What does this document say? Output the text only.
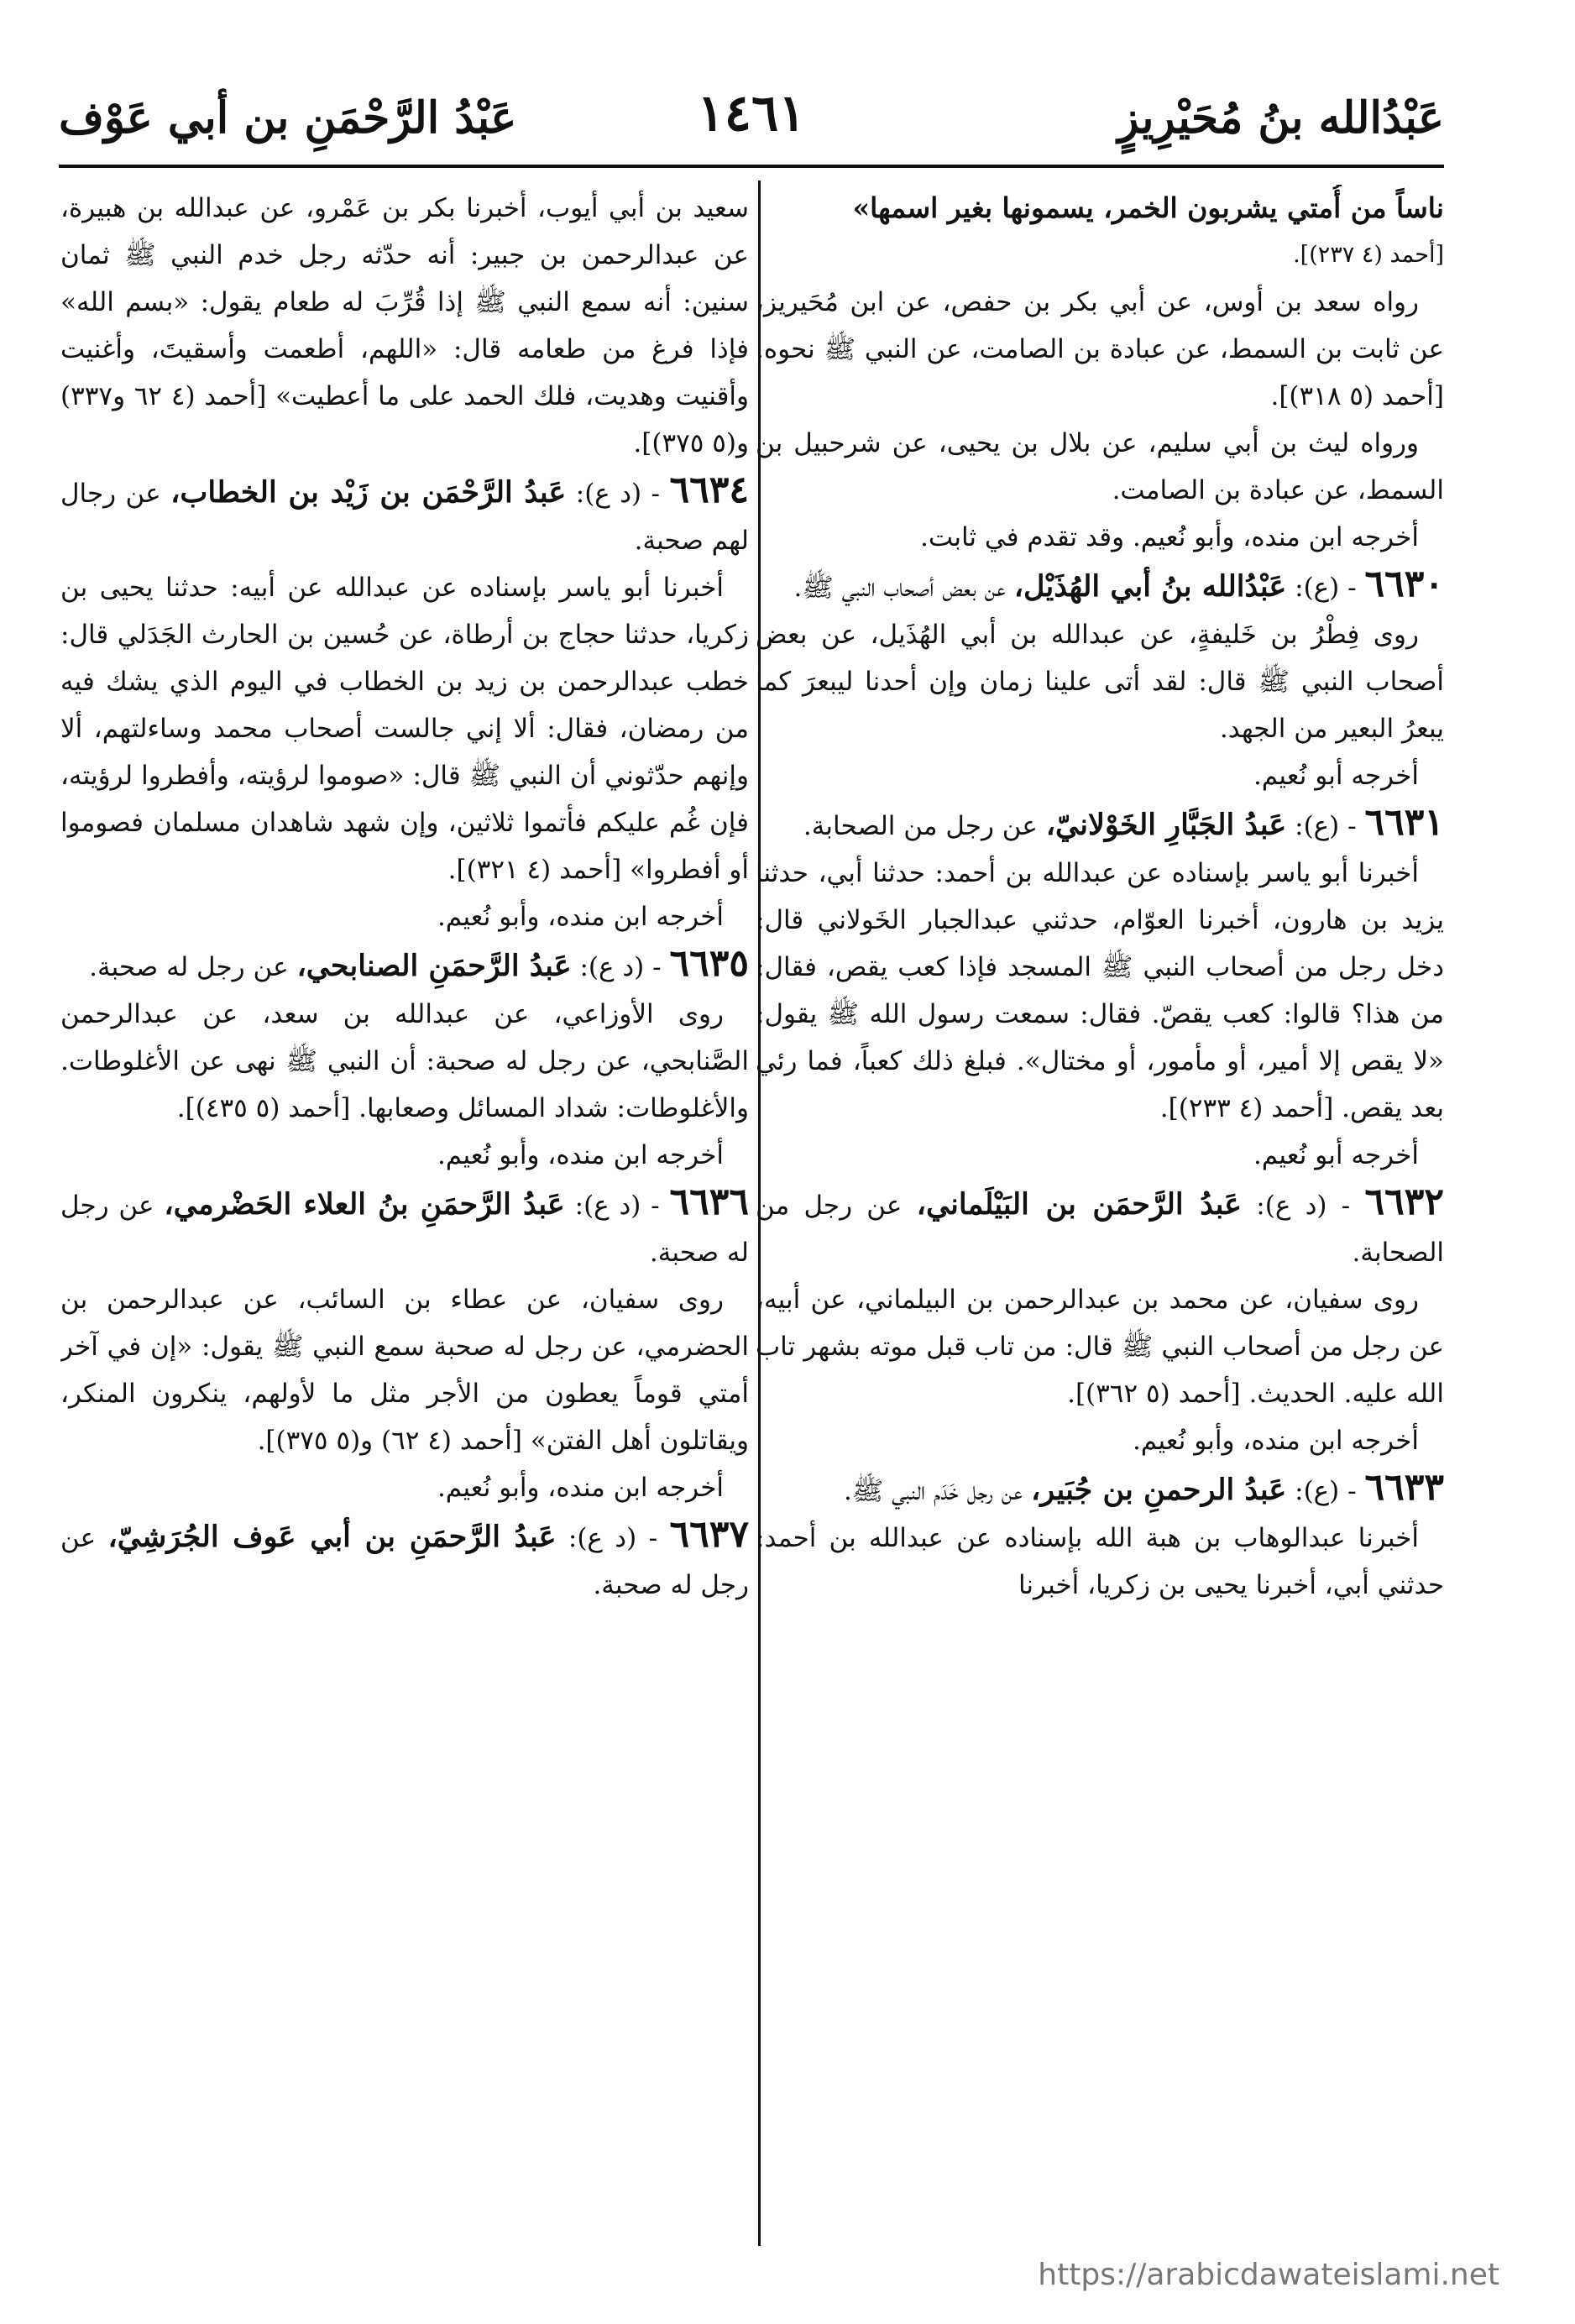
عَبْدُالله بنُ مُحَيْرِيزٍ
١٤٦١
عَبْدُ الرَّحْمَنِ بن أبي عَوْف

ناساً من أُمتي يشربون الخمر، يسمونها بغير اسمها»

[أحمد (٤ ٢٣٧)].

رواه سعد بن أوس، عن أبي بكر بن حفص، عن ابن مُحَيريز، عن ثابت بن السمط، عن عبادة بن الصامت، عن النبي ﷺ نحوه. [أحمد (٥ ٣١٨)].

ورواه ليث بن أبي سليم، عن بلال بن يحيى، عن شرحبيل بن السمط، عن عبادة بن الصامت.

أخرجه ابن منده، وأبو نُعيم. وقد تقدم في ثابت.

٦٦٣٠ - (ع): عَبْدُالله بنُ أبي الهُذَيْل، عن بعض أصحاب النبي ﷺ.

روى فِطْرُ بن خَليفةٍ، عن عبدالله بن أبي الهُذَيل، عن بعض أصحاب النبي ﷺ قال: لقد أتى علينا زمان وإن أحدنا ليبعرَ كما يبعرُ البعير من الجهد.

أخرجه أبو نُعيم.

٦٦٣١ - (ع): عَبدُ الجَبَّارِ الخَوْلانيّ، عن رجل من الصحابة.

أخبرنا أبو ياسر بإسناده عن عبدالله بن أحمد: حدثنا أبي، حدثنا يزيد بن هارون، أخبرنا العوّام، حدثني عبدالجبار الخَولاني قال: دخل رجل من أصحاب النبي ﷺ المسجد فإذا كعب يقص، فقال: من هذا؟ قالوا: كعب يقصّ. فقال: سمعت رسول الله ﷺ يقول: «لا يقص إلا أمير، أو مأمور، أو مختال». فبلغ ذلك كعباً، فما رئي بعد يقص. [أحمد (٤ ٢٣٣)].

أخرجه أبو نُعيم.

٦٦٣٢ - (د ع): عَبدُ الرَّحمَن بن البَيْلَماني، عن رجل من الصحابة.

روى سفيان، عن محمد بن عبدالرحمن بن البيلماني، عن أبيه، عن رجل من أصحاب النبي ﷺ قال: من تاب قبل موته بشهر تاب الله عليه. الحديث. [أحمد (٥ ٣٦٢)].

أخرجه ابن منده، وأبو نُعيم.

٦٦٣٣ - (ع): عَبدُ الرحمنِ بن جُبَير، عن رجل خَدَم النبي ﷺ.

أخبرنا عبدالوهاب بن هبة الله بإسناده عن عبدالله بن أحمد: حدثني أبي، أخبرنا يحيى بن زكريا، أخبرنا

سعيد بن أبي أيوب، أخبرنا بكر بن عَمْرو، عن عبدالله بن هبيرة، عن عبدالرحمن بن جبير: أنه حدّثه رجل خدم النبي ﷺ ثمان سنين: أنه سمع النبي ﷺ إذا قُرِّبَ له طعام يقول: «بسم الله» فإذا فرغ من طعامه قال: «اللهم، أطعمت وأسقيتَ، وأغنيت وأقنيت وهديت، فلك الحمد على ما أعطيت» [أحمد (٤ ٦٢ و٣٣٧) و(٥ ٣٧٥)].

٦٦٣٤ - (د ع): عَبدُ الرَّحْمَن بن زَيْد بن الخطاب، عن رجال لهم صحبة.

أخبرنا أبو ياسر بإسناده عن عبدالله عن أبيه: حدثنا يحيى بن زكريا، حدثنا حجاج بن أرطاة، عن حُسين بن الحارث الجَدَلي قال: خطب عبدالرحمن بن زيد بن الخطاب في اليوم الذي يشك فيه من رمضان، فقال: ألا إني جالست أصحاب محمد وساءلتهم، ألا وإنهم حدّثوني أن النبي ﷺ قال: «صوموا لرؤيته، وأفطروا لرؤيته، فإن غُم عليكم فأتموا ثلاثين، وإن شهد شاهدان مسلمان فصوموا أو أفطروا» [أحمد (٤ ٣٢١)].

أخرجه ابن منده، وأبو نُعيم.

٦٦٣٥ - (د ع): عَبدُ الرَّحمَنِ الصنابحي، عن رجل له صحبة.

روى الأوزاعي، عن عبدالله بن سعد، عن عبدالرحمن الصَّنابحي، عن رجل له صحبة: أن النبي ﷺ نهى عن الأغلوطات. والأغلوطات: شداد المسائل وصعابها. [أحمد (٥ ٤٣٥)].

أخرجه ابن منده، وأبو نُعيم.

٦٦٣٦ - (د ع): عَبدُ الرَّحمَنِ بنُ العلاء الحَضْرمي، عن رجل له صحبة.

روى سفيان، عن عطاء بن السائب، عن عبدالرحمن بن الحضرمي، عن رجل له صحبة سمع النبي ﷺ يقول: «إن في آخر أمتي قوماً يعطون من الأجر مثل ما لأولهم، ينكرون المنكر، ويقاتلون أهل الفتن» [أحمد (٤ ٦٢) و(٥ ٣٧٥)].

أخرجه ابن منده، وأبو نُعيم.

٦٦٣٧ - (د ع): عَبدُ الرَّحمَنِ بن أبي عَوف الجُرَشِيّ، عن رجل له صحبة.

https://arabicdawateislami.net
